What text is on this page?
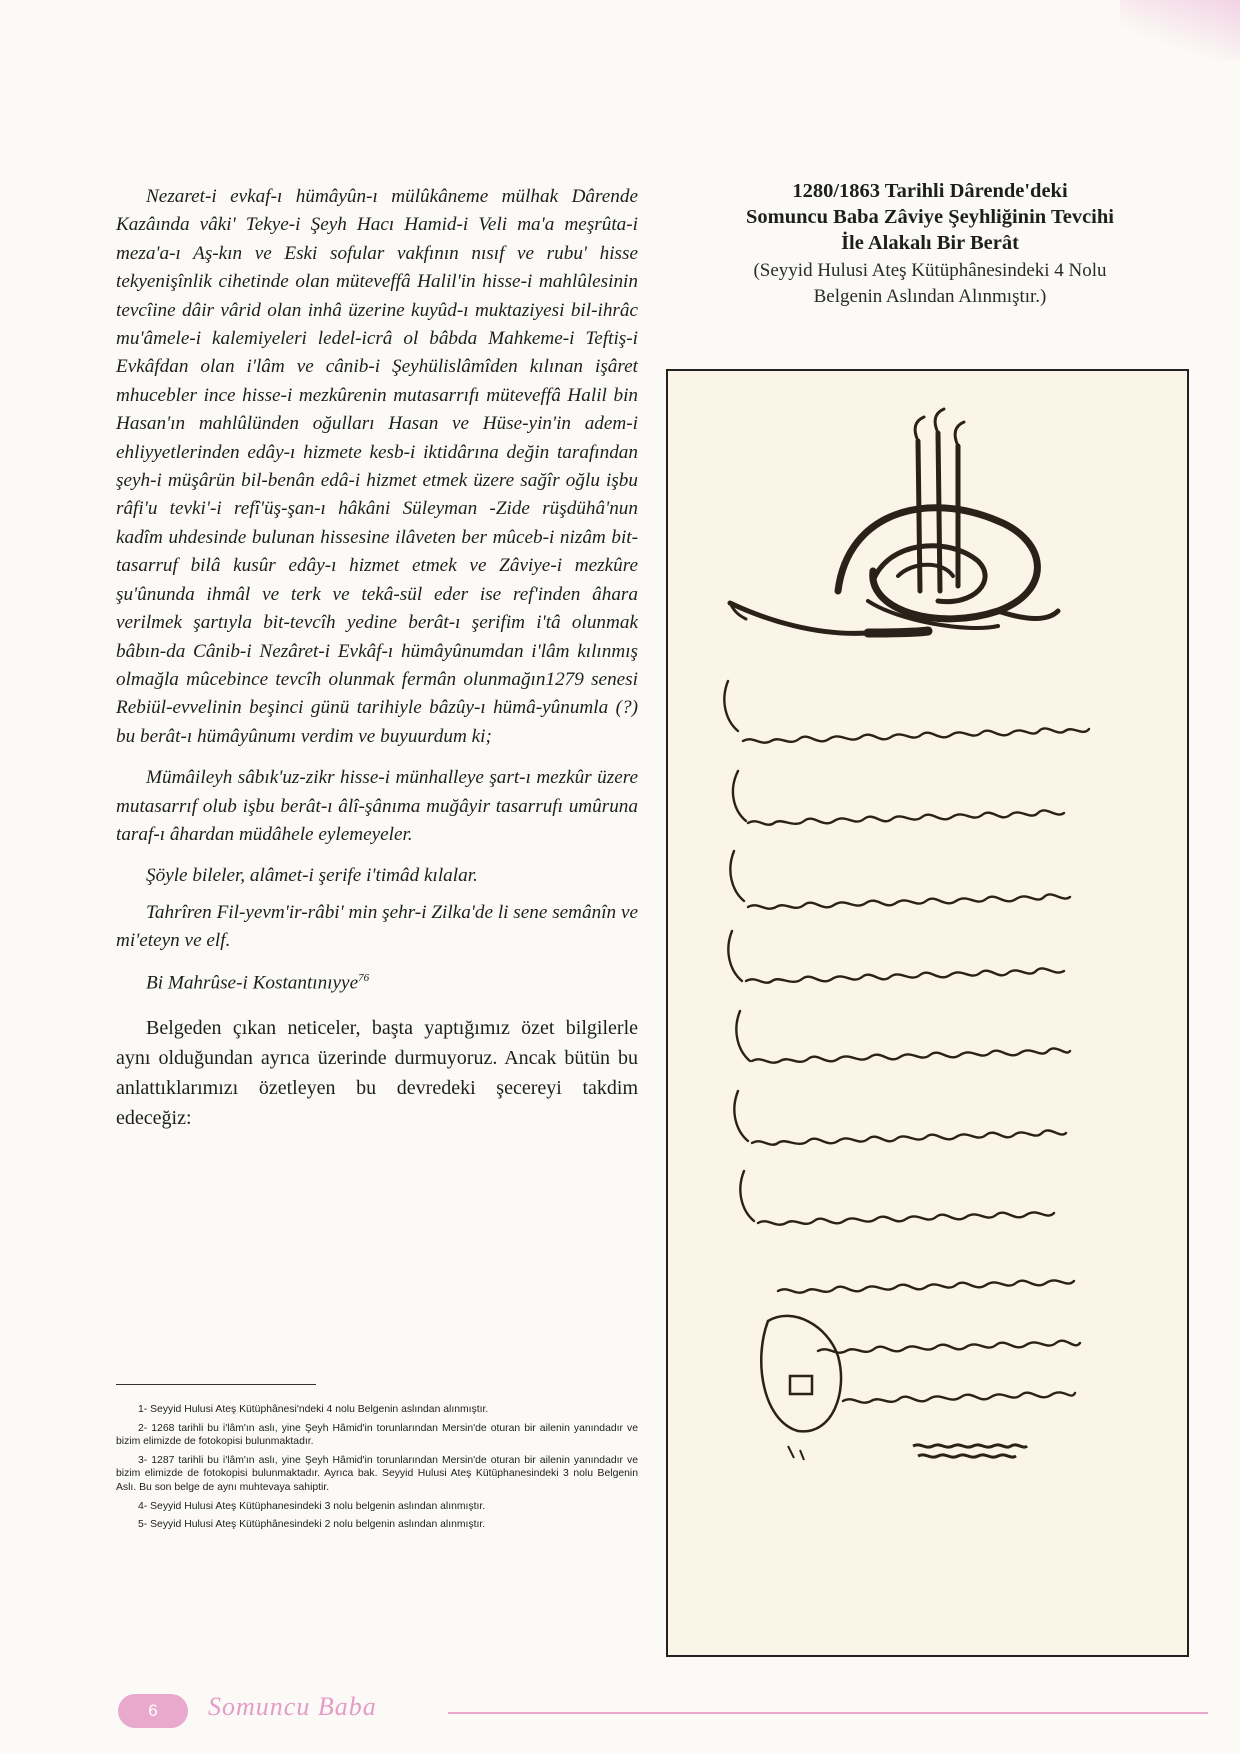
Nezaret-i evkaf-ı hümâyûn-ı mülûkâneme mülhak Dârende Kazâında vâki' Tekye-i Şeyh Hacı Hamid-i Veli ma'a meşrûta-i meza'a-ı Aş-kın ve Eski sofular vakfının nısıf ve rubu' hisse tekyenişînlik cihetinde olan müteveffâ Halil'in hisse-i mahlûlesinin tevcîine dâir vârid olan inhâ üzerine kuyûd-ı muktaziyesi bil-ihrâc mu'âmele-i kalemiyeleri ledel-icrâ ol bâbda Mahkeme-i Teftiş-i Evkâfdan olan i'lâm ve cânib-i Şeyhülislâmîden kılınan işâret mhucebler ince hisse-i mezkûrenin mutasarrıfı müteveffâ Halil bin Hasan'ın mahlûlünden oğulları Hasan ve Hüse-yin'in adem-i ehliyyetlerinden edây-ı hizmete kesb-i iktidârına değin tarafından şeyh-i müşârün bil-benân edâ-i hizmet etmek üzere sağîr oğlu işbu râfi'u tevki'-i refî'üş-şan-ı hâkâni Süleyman -Zide rüşdühâ'nun kadîm uhdesinde bulunan hissesine ilâveten ber mûceb-i nizâm bit-tasarruf bilâ kusûr edây-ı hizmet etmek ve Zâviye-i mezkûre şu'ûnunda ihmâl ve terk ve tekâ-sül eder ise ref'inden âhara verilmek şartıyla bit-tevcîh yedine berât-ı şerifim i'tâ olunmak bâbın-da Cânib-i Nezâret-i Evkâf-ı hümâyûnumdan i'lâm kılınmış olmağla mûcebince tevcîh olunmak fermân olunmağın1279 senesi Rebiül-evvelinin beşinci günü tarihiyle bâzûy-ı hümâ-yûnumla (?) bu berât-ı hümâyûnumı verdim ve buyuurdum ki;

Mümâileyh sâbık'uz-zikr hisse-i münhalleye şart-ı mezkûr üzere mutasarrıf olub işbu berât-ı âlî-şânıma muğâyir tasarrufı umûruna taraf-ı âhardan müdâhele eylemeyeler.

Şöyle bileler, alâmet-i şerife i'timâd kılalar.

Tahrîren Fil-yevm'ir-râbi' min şehr-i Zilka'de li sene semânîn ve mi'eteyn ve elf.

Bi Mahrûse-i Kostantınıyye$^{76}$

Belgeden çıkan neticeler, başta yaptığımız özet bilgilerle aynı olduğundan ayrıca üzerinde durmuyoruz. Ancak bütün bu anlattıklarımızı özetleyen bu devredeki şecereyi takdim edeceğiz:

1- Seyyid Hulusi Ateş Kütüphânesi'ndeki 4 nolu Belgenin aslından alınmıştır.

2- 1268 tarihli bu i'lâm'ın aslı, yine Şeyh Hâmid'in torunlarından Mersin'de oturan bir ailenin yanındadır ve bizim elimizde de fotokopisi bulunmaktadır.

3- 1287 tarihli bu i'lâm'ın aslı, yine Şeyh Hâmid'in torunlarından Mersin'de oturan bir ailenin yanındadır ve bizim elimizde de fotokopisi bulunmaktadır. Ayrıca bak. Seyyid Hulusi Ateş Kütüphanesindeki 3 nolu Belgenin Aslı. Bu son belge de aynı muhtevaya sahiptir.

4- Seyyid Hulusi Ateş Kütüphanesindeki 3 nolu belgenin aslından alınmıştır.

5- Seyyid Hulusi Ateş Kütüphânesindeki 2 nolu belgenin aslından alınmıştır.

1280/1863 Tarihli Dârende'deki

Somuncu Baba Zâviye Şeyhliğinin Tevcihi

İle Alakalı Bir Berât

(Seyyid Hulusi Ateş Kütüphânesindeki 4 Nolu

Belgenin Aslından Alınmıştır.)

6	Somuncu Baba
